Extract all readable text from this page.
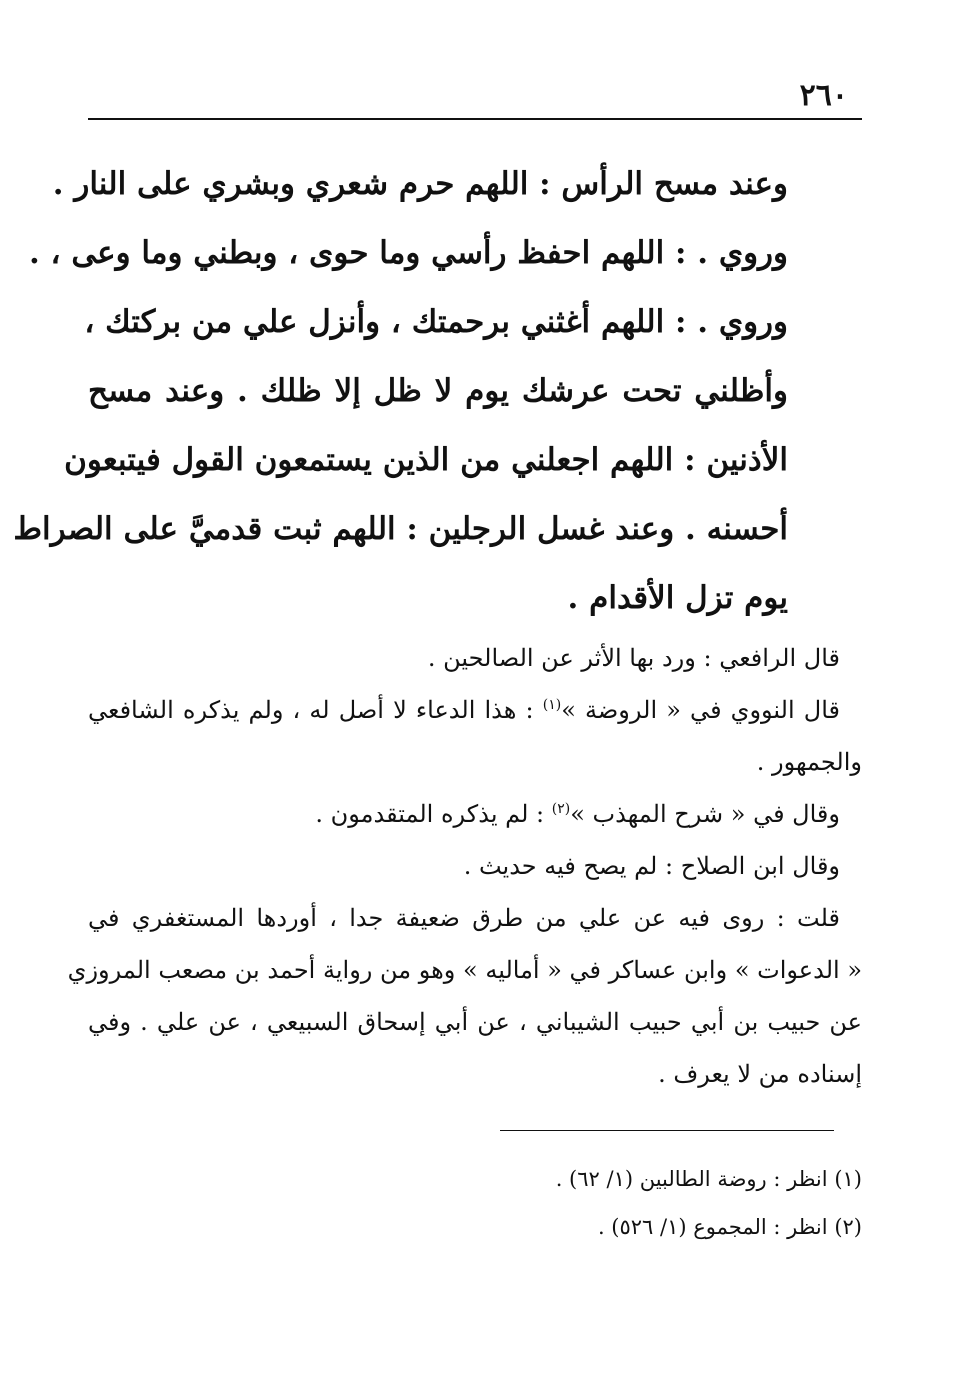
٢٦٠
وعند مسح الرأس : اللهم حرم شعري وبشري على النار .
وروي . : اللهم احفظ رأسي وما حوى ، وبطني وما وعى ، .
وروي . : اللهم أغثني برحمتك ، وأنزل علي من بركتك ،
وأظلني تحت عرشك يوم لا ظل إلا ظلك . وعند مسح
الأذنين : اللهم اجعلني من الذين يستمعون القول فيتبعون
أحسنه . وعند غسل الرجلين : اللهم ثبت قدميَّ على الصراط
يوم تزل الأقدام .
قال الرافعي : ورد بها الأثر عن الصالحين .
قال النووي في « الروضة »$^{(١)}$ : هذا الدعاء لا أصل له ، ولم يذكره الشافعي
والجمهور .
وقال في « شرح المهذب »$^{(٢)}$ : لم يذكره المتقدمون .
وقال ابن الصلاح : لم يصح فيه حديث .
قلت : روى فيه عن علي من طرق ضعيفة جدا ، أوردها المستغفري في
« الدعوات » وابن عساكر في « أماليه » وهو من رواية أحمد بن مصعب المروزي
عن حبيب بن أبي حبيب الشيباني ، عن أبي إسحاق السبيعي ، عن علي . وفي
إسناده من لا يعرف .
(١) انظر : روضة الطالبين (١/ ٦٢) .
(٢) انظر : المجموع (١/ ٥٢٦) .
